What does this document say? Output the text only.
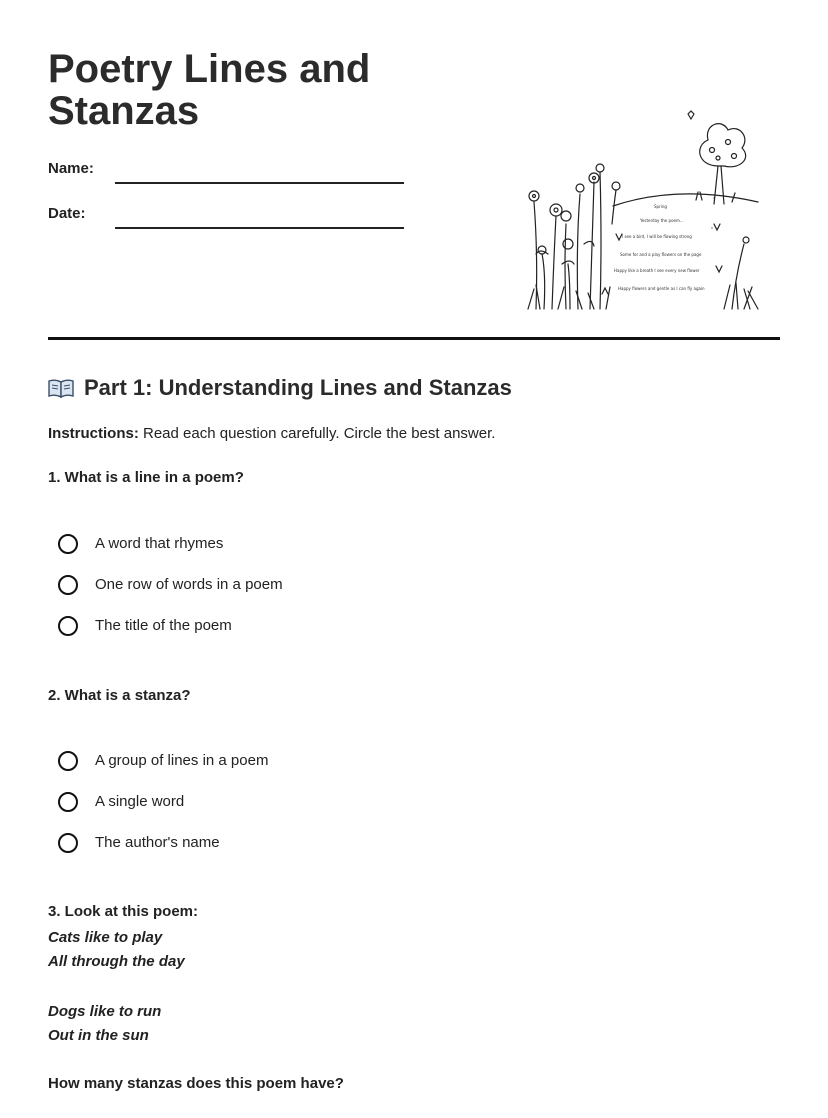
Poetry Lines and Stanzas
Name:
Date:	Spring
Yesterday the poem...
I see a bird, I will be flowing strong
Some for and a play flowers on the page
Happy like a breath I see every new flower
Happy flowers and gentle as I can fly again
Part 1: Understanding Lines and Stanzas
Instructions: Read each question carefully. Circle the best answer.
1. What is a line in a poem?
A word that rhymes
One row of words in a poem
The title of the poem
2. What is a stanza?
A group of lines in a poem
A single word
The author's name
3. Look at this poem:
Cats like to play
All through the day
Dogs like to run
Out in the sun
How many stanzas does this poem have?
